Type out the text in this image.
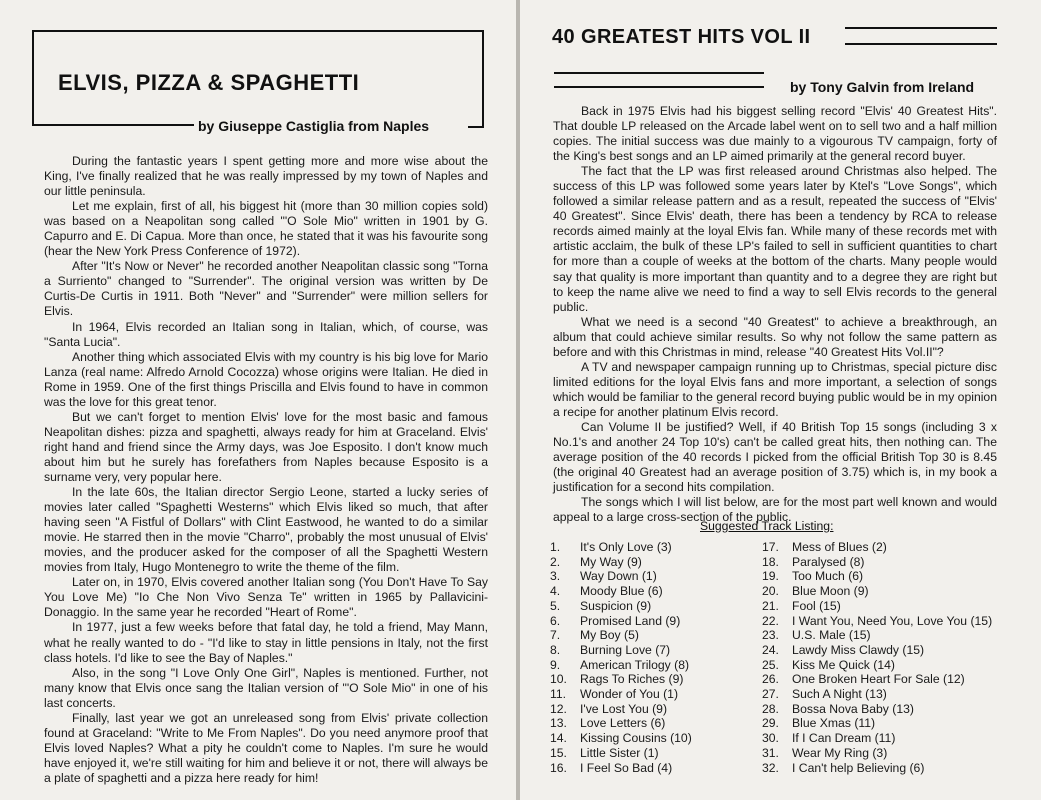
ELVIS, PIZZA & SPAGHETTI

by Giuseppe Castiglia from Naples

During the fantastic years I spent getting more and more wise about the King, I've finally realized that he was really impressed by my town of Naples and our little peninsula.

Let me explain, first of all, his biggest hit (more than 30 million copies sold) was based on a Neapolitan song called "'O Sole Mio" written in 1901 by G. Capurro and E. Di Capua. More than once, he stated that it was his favourite song (hear the New York Press Conference of 1972).

After "It's Now or Never" he recorded another Neapolitan classic song "Torna a Surriento" changed to "Surrender". The original version was written by De Curtis-De Curtis in 1911. Both "Never" and "Surrender" were million sellers for Elvis.

In 1964, Elvis recorded an Italian song in Italian, which, of course, was "Santa Lucia".

Another thing which associated Elvis with my country is his big love for Mario Lanza (real name: Alfredo Arnold Cocozza) whose origins were Italian. He died in Rome in 1959. One of the first things Priscilla and Elvis found to have in common was the love for this great tenor.

But we can't forget to mention Elvis' love for the most basic and famous Neapolitan dishes: pizza and spaghetti, always ready for him at Graceland. Elvis' right hand and friend since the Army days, was Joe Esposito. I don't know much about him but he surely has forefathers from Naples because Esposito is a surname very, very popular here.

In the late 60s, the Italian director Sergio Leone, started a lucky series of movies later called "Spaghetti Westerns" which Elvis liked so much, that after having seen "A Fistful of Dollars" with Clint Eastwood, he wanted to do a similar movie. He starred then in the movie "Charro", probably the most unusual of Elvis' movies, and the producer asked for the composer of all the Spaghetti Western movies from Italy, Hugo Montenegro to write the theme of the film.

Later on, in 1970, Elvis covered another Italian song (You Don't Have To Say You Love Me) "Io Che Non Vivo Senza Te" written in 1965 by Pallavicini-Donaggio. In the same year he recorded "Heart of Rome".

In 1977, just a few weeks before that fatal day, he told a friend, May Mann, what he really wanted to do - "I'd like to stay in little pensions in Italy, not the first class hotels. I'd like to see the Bay of Naples."

Also, in the song "I Love Only One Girl", Naples is mentioned. Further, not many know that Elvis once sang the Italian version of "'O Sole Mio" in one of his last concerts.

Finally, last year we got an unreleased song from Elvis' private collection found at Graceland: "Write to Me From Naples". Do you need anymore proof that Elvis loved Naples? What a pity he couldn't come to Naples. I'm sure he would have enjoyed it, we're still waiting for him and believe it or not, there will always be a plate of spaghetti and a pizza here ready for him!

40 GREATEST HITS VOL II

by Tony Galvin from Ireland

Back in 1975 Elvis had his biggest selling record "Elvis' 40 Greatest Hits". That double LP released on the Arcade label went on to sell two and a half million copies. The initial success was due mainly to a vigourous TV campaign, forty of the King's best songs and an LP aimed primarily at the general record buyer.

The fact that the LP was first released around Christmas also helped. The success of this LP was followed some years later by Ktel's "Love Songs", which followed a similar release pattern and as a result, repeated the success of "Elvis' 40 Greatest". Since Elvis' death, there has been a tendency by RCA to release records aimed mainly at the loyal Elvis fan. While many of these records met with artistic acclaim, the bulk of these LP's failed to sell in sufficient quantities to chart for more than a couple of weeks at the bottom of the charts. Many people would say that quality is more important than quantity and to a degree they are right but to keep the name alive we need to find a way to sell Elvis records to the general public.

What we need is a second "40 Greatest" to achieve a breakthrough, an album that could achieve similar results. So why not follow the same pattern as before and with this Christmas in mind, release "40 Greatest Hits Vol.II"?

A TV and newspaper campaign running up to Christmas, special picture disc limited editions for the loyal Elvis fans and more important, a selection of songs which would be familiar to the general record buying public would be in my opinion a recipe for another platinum Elvis record.

Can Volume II be justified? Well, if 40 British Top 15 songs (including 3 x No.1's and another 24 Top 10's) can't be called great hits, then nothing can. The average position of the 40 records I picked from the official British Top 30 is 8.45 (the original 40 Greatest had an average position of 3.75) which is, in my book a justification for a second hits compilation.

The songs which I will list below, are for the most part well known and would appeal to a large cross-section of the public.

Suggested Track Listing:

1.	It's Only Love (3)
2.	My Way (9)
3.	Way Down (1)
4.	Moody Blue (6)
5.	Suspicion (9)
6.	Promised Land (9)
7.	My Boy (5)
8.	Burning Love (7)
9.	American Trilogy (8)
10.	Rags To Riches (9)
11.	Wonder of You (1)
12.	I've Lost You (9)
13.	Love Letters (6)
14.	Kissing Cousins (10)
15.	Little Sister (1)
16.	I Feel So Bad (4)
17.	Mess of Blues (2)
18.	Paralysed (8)
19.	Too Much (6)
20.	Blue Moon (9)
21.	Fool (15)
22.	I Want You, Need You, Love You (15)
23.	U.S. Male (15)
24.	Lawdy Miss Clawdy (15)
25.	Kiss Me Quick (14)
26.	One Broken Heart For Sale (12)
27.	Such A Night (13)
28.	Bossa Nova Baby (13)
29.	Blue Xmas (11)
30.	If I Can Dream (11)
31.	Wear My Ring (3)
32.	I Can't help Believing (6)
